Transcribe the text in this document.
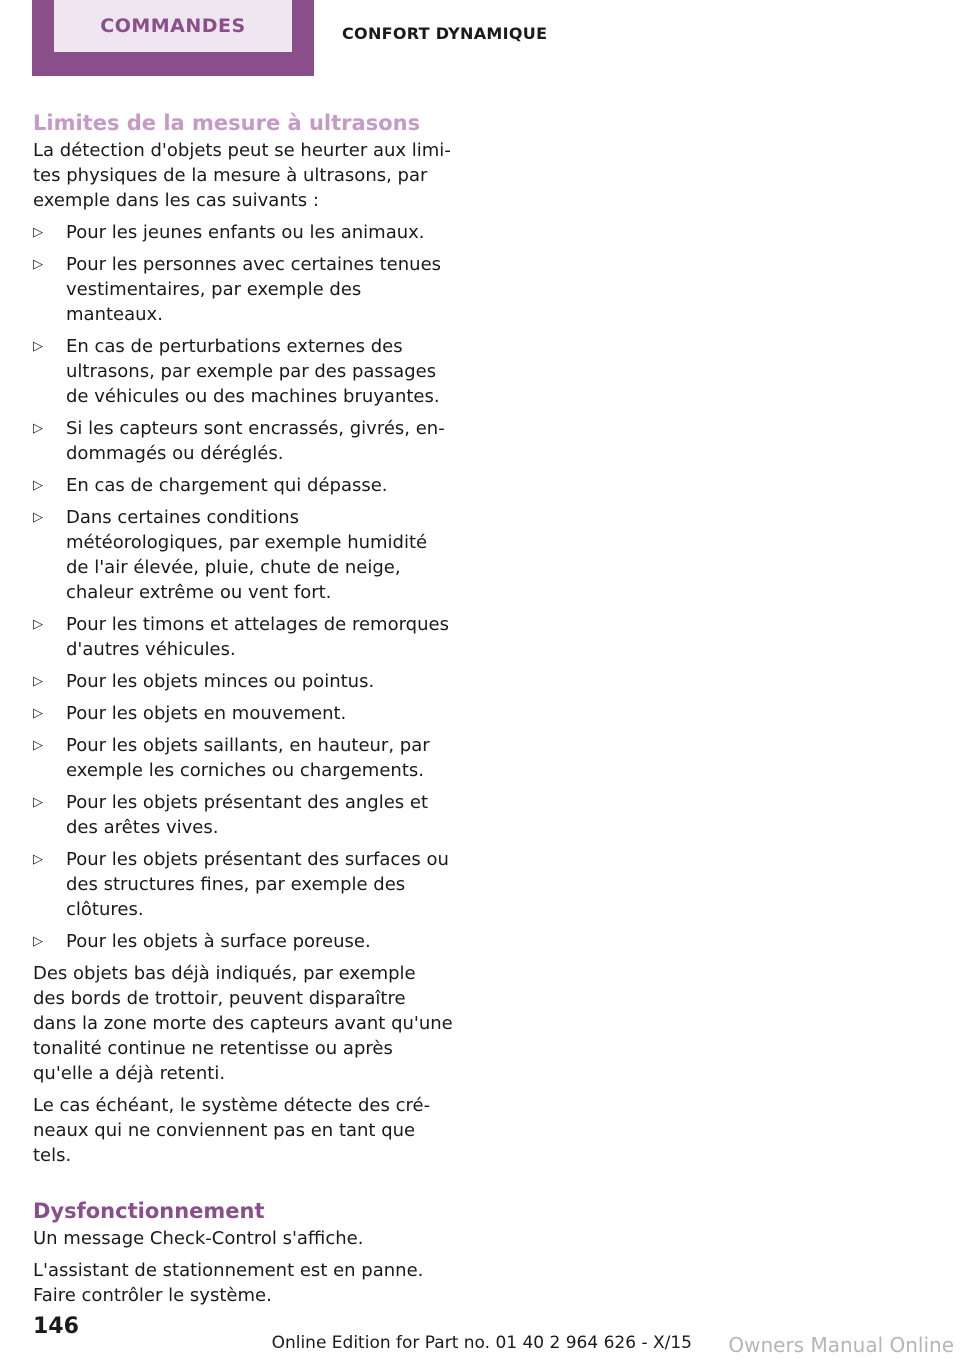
COMMANDES	CONFORT DYNAMIQUE
Limites de la mesure à ultrasons

La détection d'objets peut se heurter aux limites physiques de la mesure à ultrasons, par exemple dans les cas suivants :

▷ Pour les jeunes enfants ou les animaux.
▷ Pour les personnes avec certaines tenues vestimentaires, par exemple des manteaux.
▷ En cas de perturbations externes des ultrasons, par exemple par des passages de véhicules ou des machines bruyantes.
▷ Si les capteurs sont encrassés, givrés, endommagés ou déréglés.
▷ En cas de chargement qui dépasse.
▷ Dans certaines conditions météorologiques, par exemple humidité de l'air élevée, pluie, chute de neige, chaleur extrême ou vent fort.
▷ Pour les timons et attelages de remorques d'autres véhicules.
▷ Pour les objets minces ou pointus.
▷ Pour les objets en mouvement.
▷ Pour les objets saillants, en hauteur, par exemple les corniches ou chargements.
▷ Pour les objets présentant des angles et des arêtes vives.
▷ Pour les objets présentant des surfaces ou des structures fines, par exemple des clôtures.
▷ Pour les objets à surface poreuse.

Des objets bas déjà indiqués, par exemple des bords de trottoir, peuvent disparaître dans la zone morte des capteurs avant qu'une tonalité continue ne retentisse ou après qu'elle a déjà retenti.

Le cas échéant, le système détecte des créneaux qui ne conviennent pas en tant que tels.

Dysfonctionnement

Un message Check-Control s'affiche.

L'assistant de stationnement est en panne. Faire contrôler le système.

146
Online Edition for Part no. 01 40 2 964 626 - X/15 Owners Manual Online
